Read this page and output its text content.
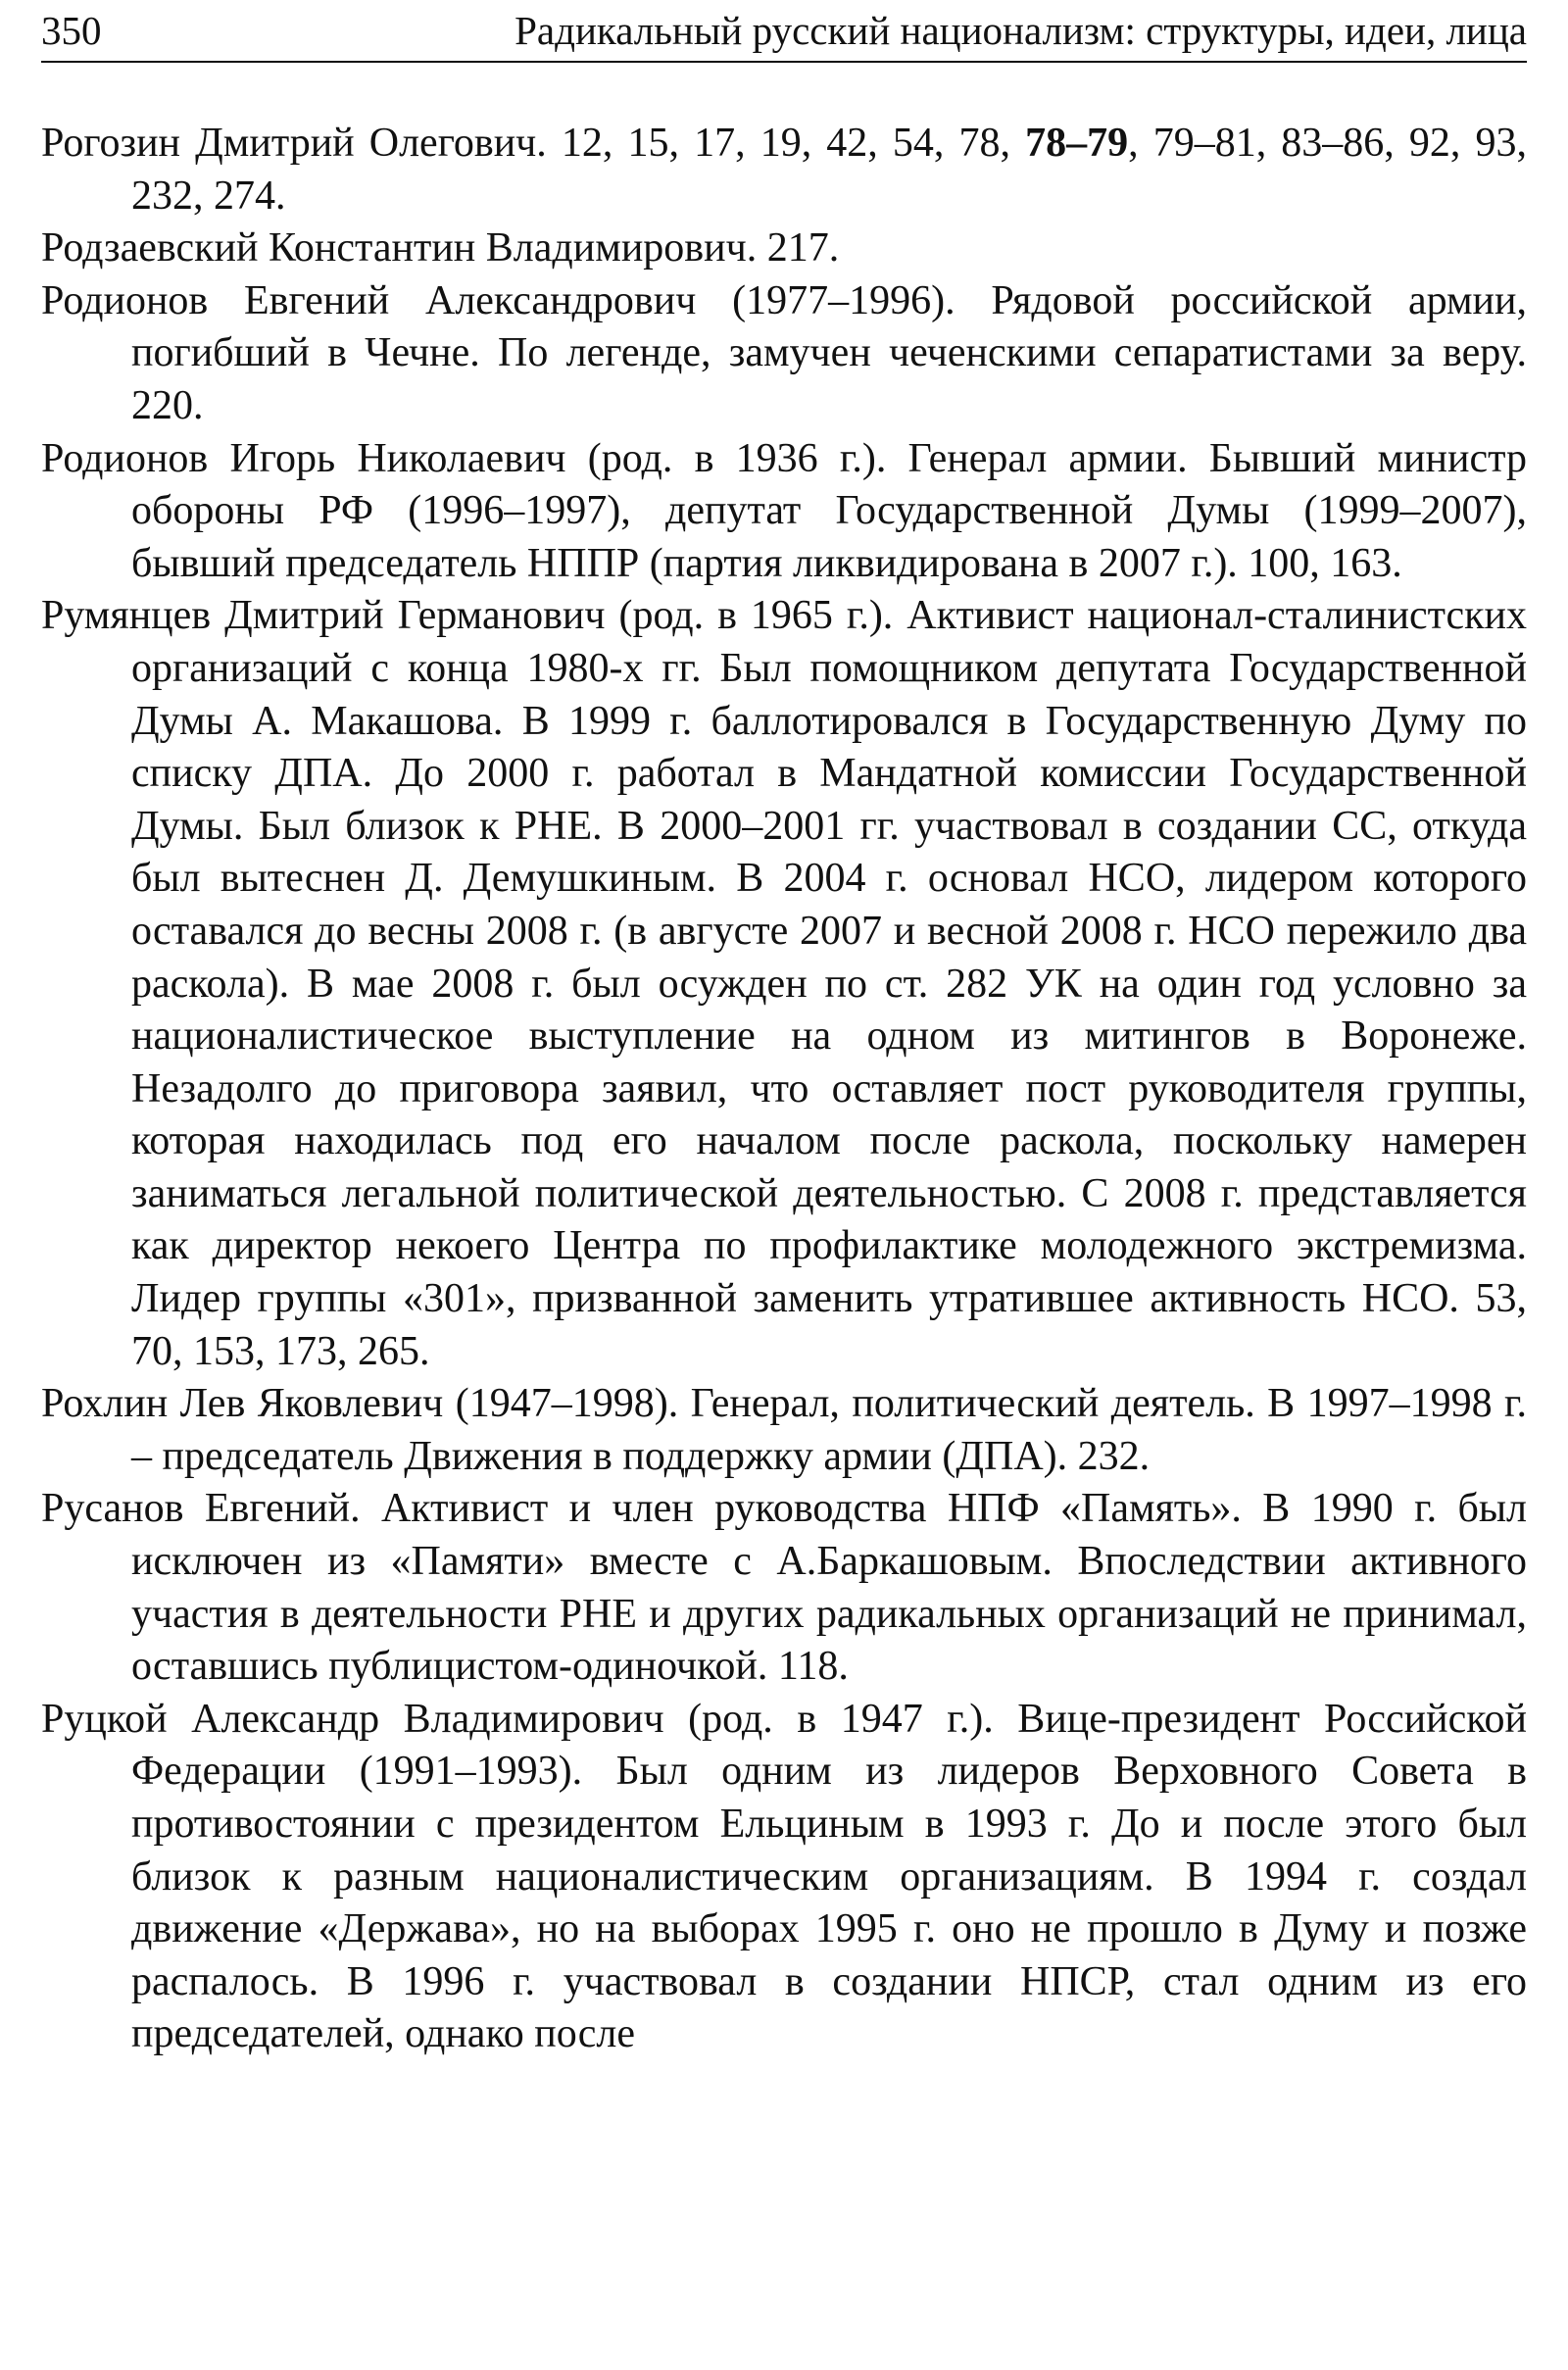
350	Радикальный русский национализм: структуры, идеи, лица

Рогозин Дмитрий Олегович. 12, 15, 17, 19, 42, 54, 78, 78–79, 79–81, 83–86, 92, 93, 232, 274.

Родзаевский Константин Владимирович. 217.

Родионов Евгений Александрович (1977–1996). Рядовой российской армии, погибший в Чечне. По легенде, замучен чеченскими сепаратистами за веру. 220.

Родионов Игорь Николаевич (род. в 1936 г.). Генерал армии. Бывший министр обороны РФ (1996–1997), депутат Государственной Думы (1999–2007), бывший председатель НППР (партия ликвидирована в 2007 г.). 100, 163.

Румянцев Дмитрий Германович (род. в 1965 г.). Активист национал-сталинистских организаций с конца 1980-х гг. Был помощником депутата Государственной Думы А. Макашова. В 1999 г. баллотировался в Государственную Думу по списку ДПА. До 2000 г. работал в Мандатной комиссии Государственной Думы. Был близок к РНЕ. В 2000–2001 гг. участвовал в создании СС, откуда был вытеснен Д. Демушкиным. В 2004 г. основал НСО, лидером которого оставался до весны 2008 г. (в августе 2007 и весной 2008 г. НСО пережило два раскола). В мае 2008 г. был осужден по ст. 282 УК на один год условно за националистическое выступление на одном из митингов в Воронеже. Незадолго до приговора заявил, что оставляет пост руководителя группы, которая находилась под его началом после раскола, поскольку намерен заниматься легальной политической деятельностью. С 2008 г. представляется как директор некоего Центра по профилактике молодежного экстремизма. Лидер группы «301», призванной заменить утратившее активность НСО. 53, 70, 153, 173, 265.

Рохлин Лев Яковлевич (1947–1998). Генерал, политический деятель. В 1997–1998 г. – председатель Движения в поддержку армии (ДПА). 232.

Русанов Евгений. Активист и член руководства НПФ «Память». В 1990 г. был исключен из «Памяти» вместе с А.Баркашовым. Впоследствии активного участия в деятельности РНЕ и других радикальных организаций не принимал, оставшись публицистом-одиночкой. 118.

Руцкой Александр Владимирович (род. в 1947 г.). Вице-президент Российской Федерации (1991–1993). Был одним из лидеров Верховного Совета в противостоянии с президентом Ельциным в 1993 г. До и после этого был близок к разным националистическим организациям. В 1994 г. создал движение «Держава», но на выборах 1995 г. оно не прошло в Думу и позже распалось. В 1996 г. участвовал в создании НПСР, стал одним из его председателей, однако после
